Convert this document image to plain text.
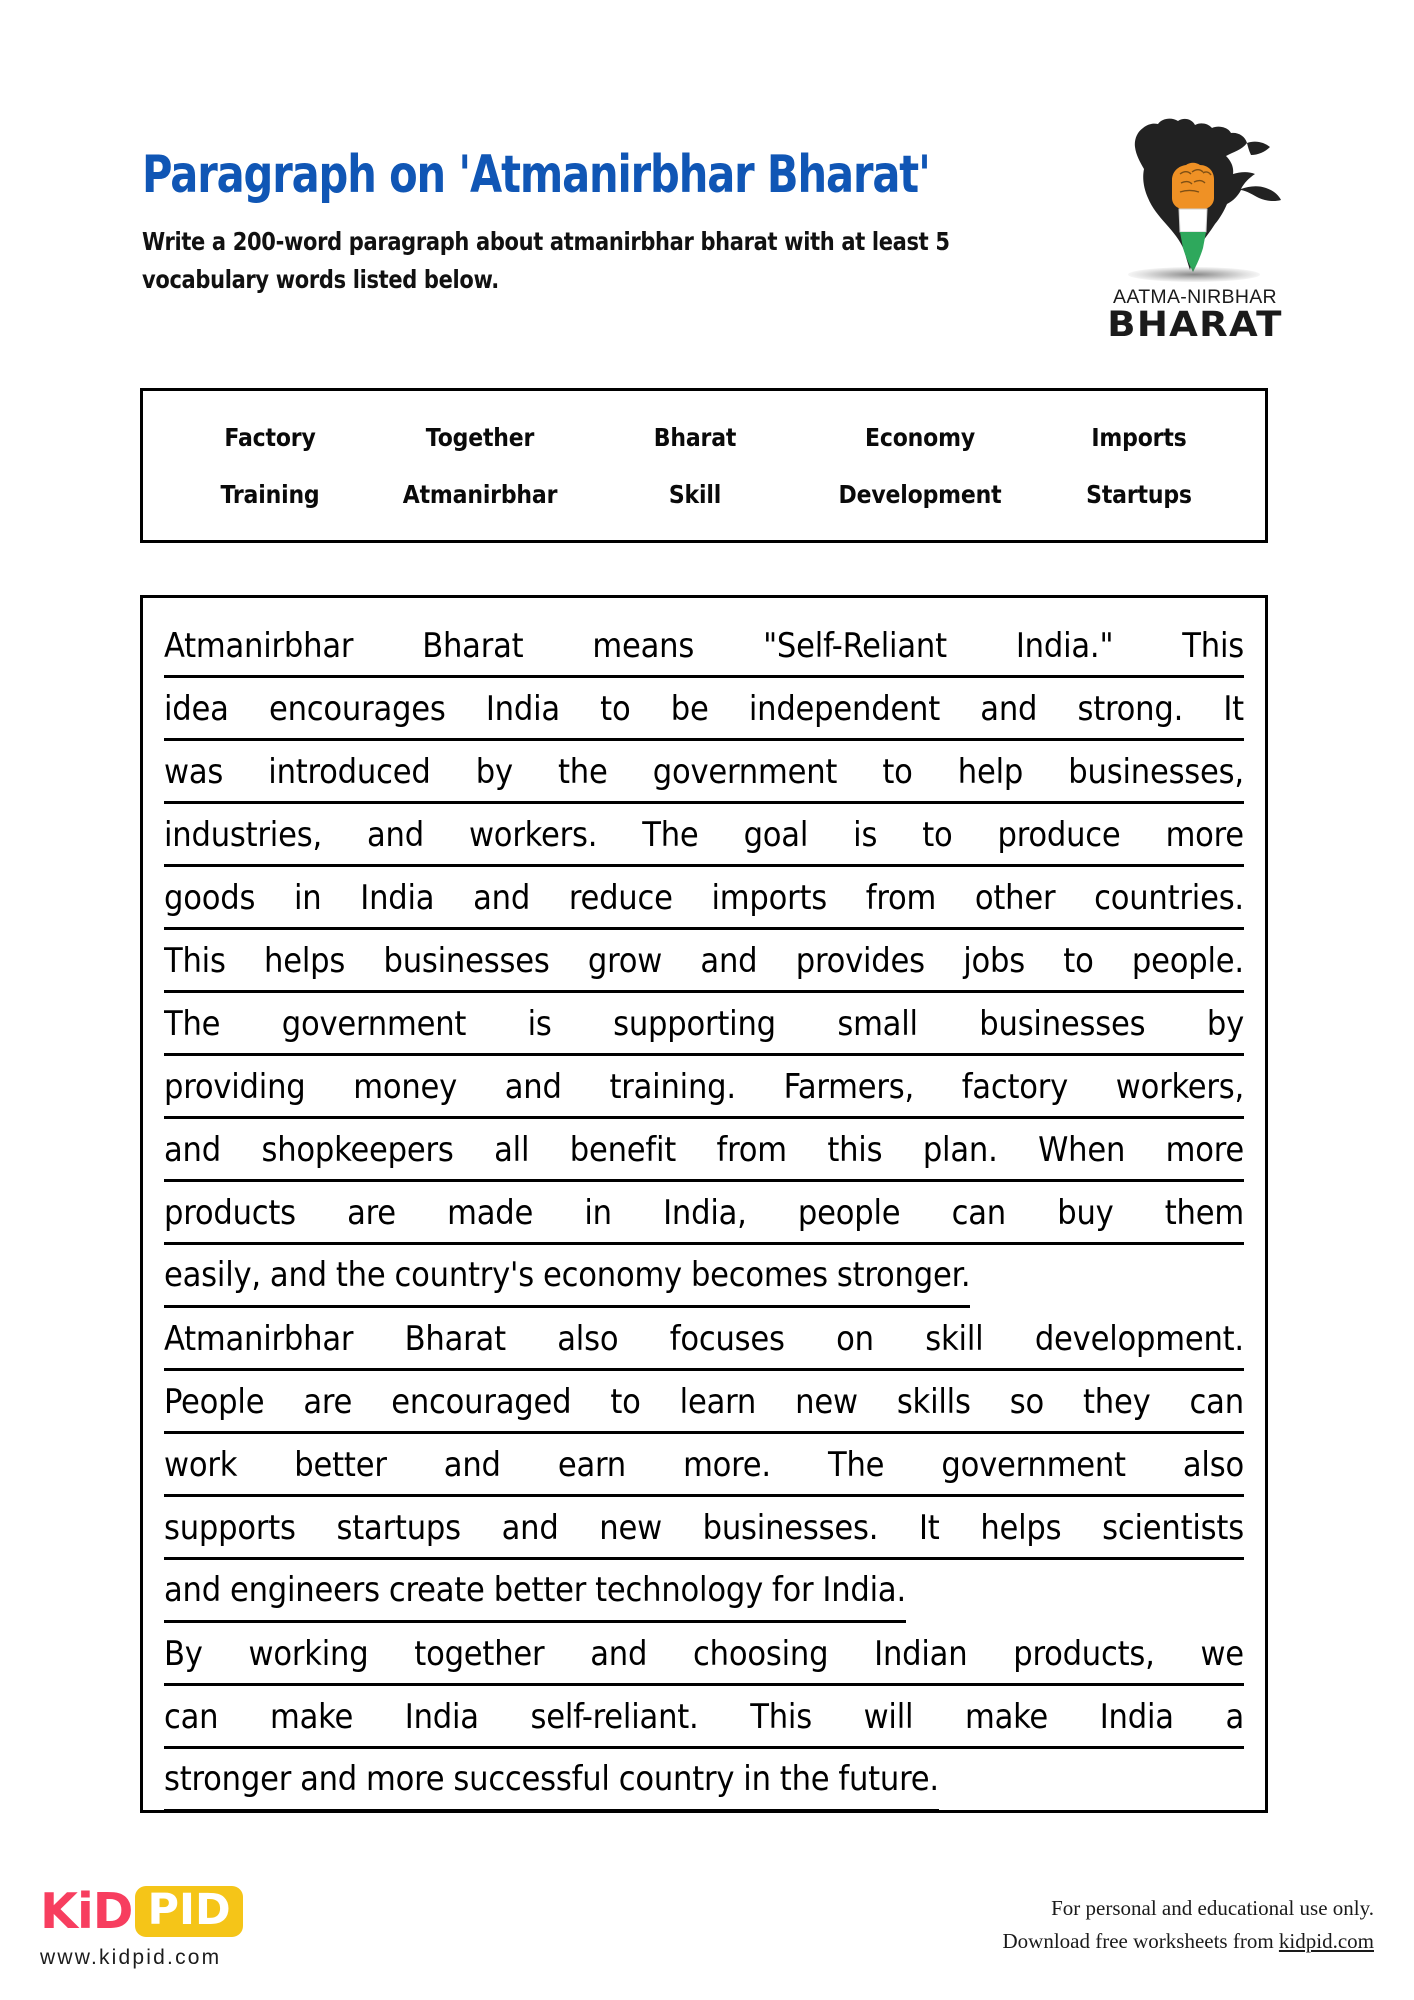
Paragraph on 'Atmanirbhar Bharat'
Write a 200-word paragraph about atmanirbhar bharat with at least 5 vocabulary words listed below.
AATMA-NIRBHAR
BHARAT
Factory	Together	Bharat	Economy	Imports
Training	Atmanirbhar	Skill	Development	Startups
Atmanirbhar Bharat means "Self-Reliant India." This
idea encourages India to be independent and strong. It
was introduced by the government to help businesses,
industries, and workers. The goal is to produce more
goods in India and reduce imports from other countries.
This helps businesses grow and provides jobs to people.
The government is supporting small businesses by
providing money and training. Farmers, factory workers,
and shopkeepers all benefit from this plan. When more
products are made in India, people can buy them
easily, and the country's economy becomes stronger.
Atmanirbhar Bharat also focuses on skill development.
People are encouraged to learn new skills so they can
work better and earn more. The government also
supports startups and new businesses. It helps scientists
and engineers create better technology for India.
By working together and choosing Indian products, we
can make India self-reliant. This will make India a
stronger and more successful country in the future.
KiD PID
www.kidpid.com
For personal and educational use only.
Download free worksheets from kidpid.com
